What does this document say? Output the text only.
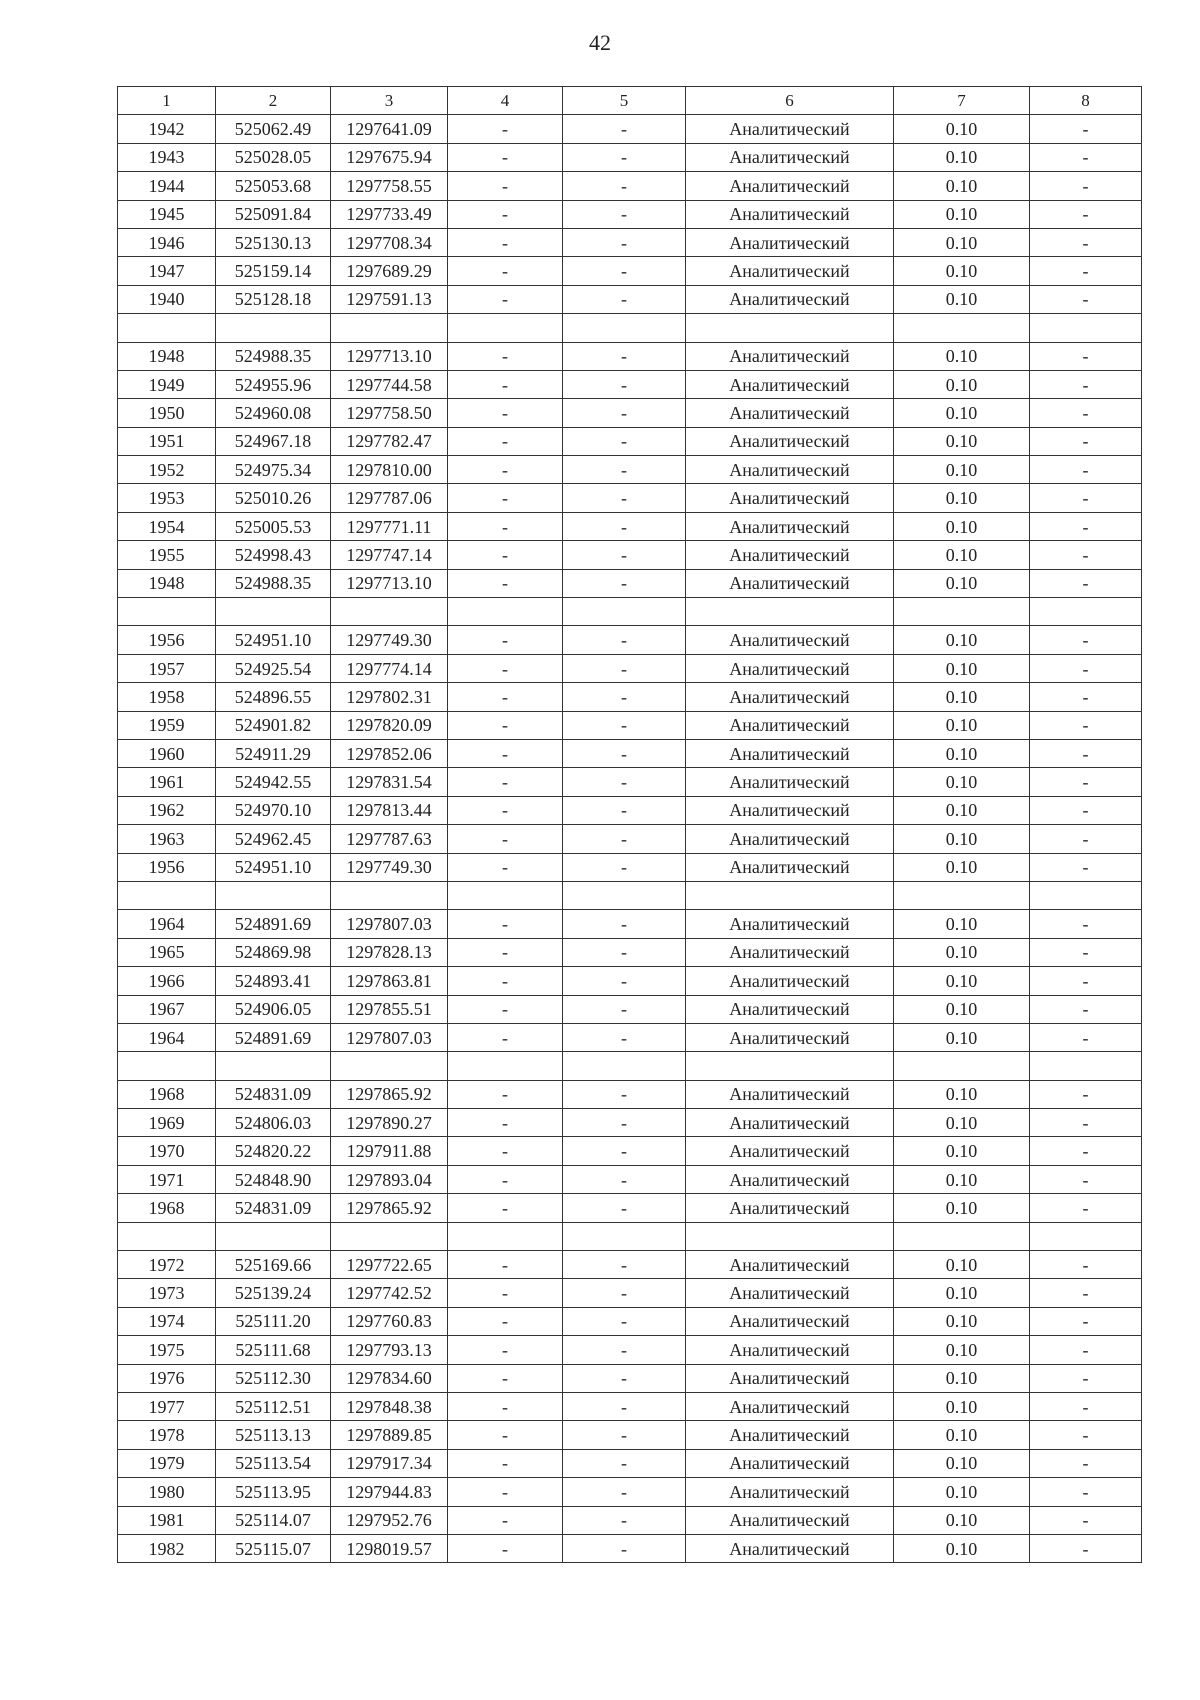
42
1	2	3	4	5	6	7	8
1942	525062.49	1297641.09	-	-	Аналитический	0.10	-
1943	525028.05	1297675.94	-	-	Аналитический	0.10	-
1944	525053.68	1297758.55	-	-	Аналитический	0.10	-
1945	525091.84	1297733.49	-	-	Аналитический	0.10	-
1946	525130.13	1297708.34	-	-	Аналитический	0.10	-
1947	525159.14	1297689.29	-	-	Аналитический	0.10	-
1940	525128.18	1297591.13	-	-	Аналитический	0.10	-

1948	524988.35	1297713.10	-	-	Аналитический	0.10	-
1949	524955.96	1297744.58	-	-	Аналитический	0.10	-
1950	524960.08	1297758.50	-	-	Аналитический	0.10	-
1951	524967.18	1297782.47	-	-	Аналитический	0.10	-
1952	524975.34	1297810.00	-	-	Аналитический	0.10	-
1953	525010.26	1297787.06	-	-	Аналитический	0.10	-
1954	525005.53	1297771.11	-	-	Аналитический	0.10	-
1955	524998.43	1297747.14	-	-	Аналитический	0.10	-
1948	524988.35	1297713.10	-	-	Аналитический	0.10	-

1956	524951.10	1297749.30	-	-	Аналитический	0.10	-
1957	524925.54	1297774.14	-	-	Аналитический	0.10	-
1958	524896.55	1297802.31	-	-	Аналитический	0.10	-
1959	524901.82	1297820.09	-	-	Аналитический	0.10	-
1960	524911.29	1297852.06	-	-	Аналитический	0.10	-
1961	524942.55	1297831.54	-	-	Аналитический	0.10	-
1962	524970.10	1297813.44	-	-	Аналитический	0.10	-
1963	524962.45	1297787.63	-	-	Аналитический	0.10	-
1956	524951.10	1297749.30	-	-	Аналитический	0.10	-

1964	524891.69	1297807.03	-	-	Аналитический	0.10	-
1965	524869.98	1297828.13	-	-	Аналитический	0.10	-
1966	524893.41	1297863.81	-	-	Аналитический	0.10	-
1967	524906.05	1297855.51	-	-	Аналитический	0.10	-
1964	524891.69	1297807.03	-	-	Аналитический	0.10	-

1968	524831.09	1297865.92	-	-	Аналитический	0.10	-
1969	524806.03	1297890.27	-	-	Аналитический	0.10	-
1970	524820.22	1297911.88	-	-	Аналитический	0.10	-
1971	524848.90	1297893.04	-	-	Аналитический	0.10	-
1968	524831.09	1297865.92	-	-	Аналитический	0.10	-

1972	525169.66	1297722.65	-	-	Аналитический	0.10	-
1973	525139.24	1297742.52	-	-	Аналитический	0.10	-
1974	525111.20	1297760.83	-	-	Аналитический	0.10	-
1975	525111.68	1297793.13	-	-	Аналитический	0.10	-
1976	525112.30	1297834.60	-	-	Аналитический	0.10	-
1977	525112.51	1297848.38	-	-	Аналитический	0.10	-
1978	525113.13	1297889.85	-	-	Аналитический	0.10	-
1979	525113.54	1297917.34	-	-	Аналитический	0.10	-
1980	525113.95	1297944.83	-	-	Аналитический	0.10	-
1981	525114.07	1297952.76	-	-	Аналитический	0.10	-
1982	525115.07	1298019.57	-	-	Аналитический	0.10	-
